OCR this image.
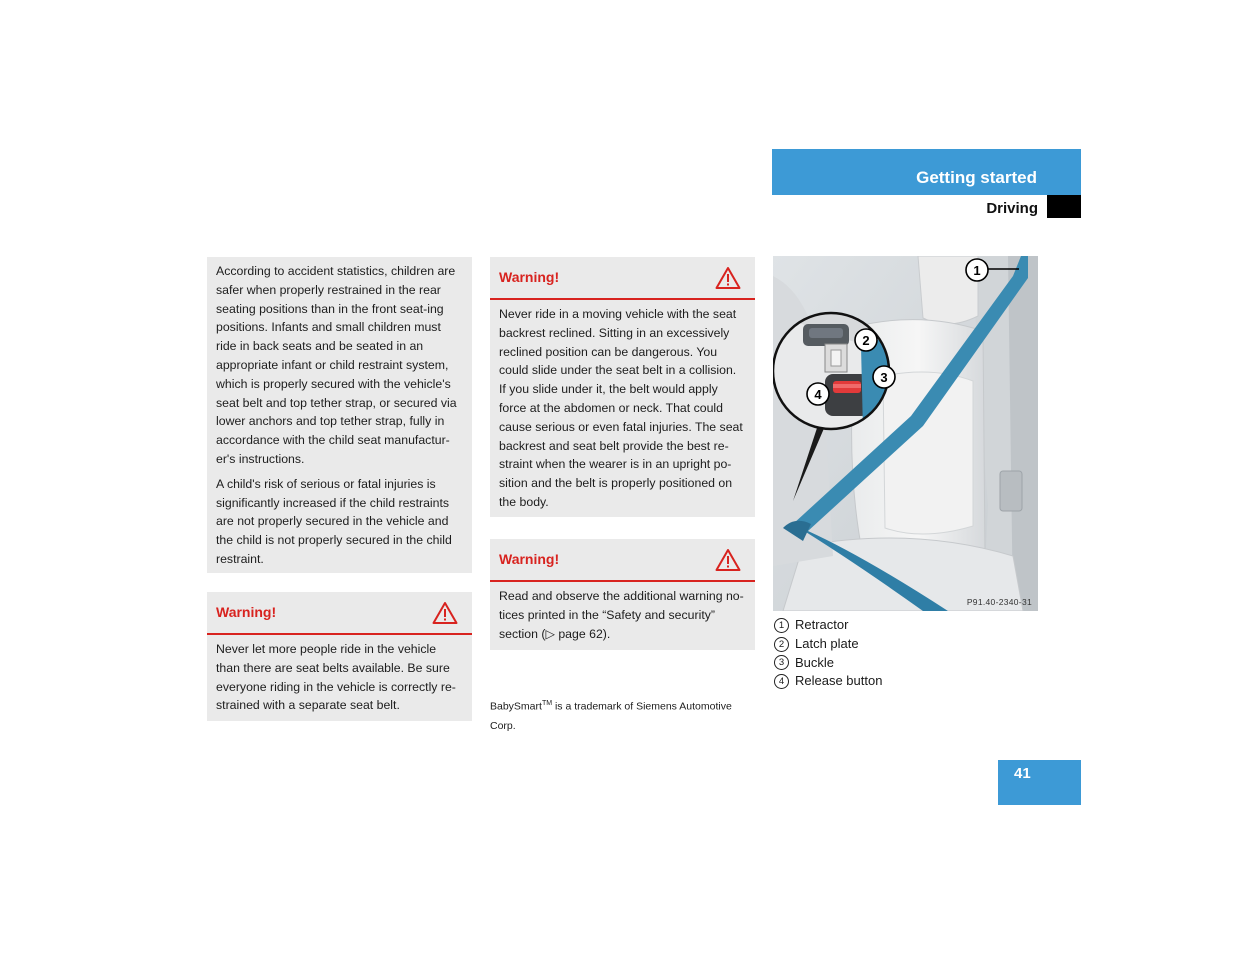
Getting started
Driving

According to accident statistics, children are safer when properly restrained in the rear seating positions than in the front seat-ing positions. Infants and small children must ride in back seats and be seated in an appropriate infant or child restraint system, which is properly secured with the vehicle's seat belt and top tether strap, or secured via lower anchors and top tether strap, fully in accordance with the child seat manufactur-er's instructions.

A child's risk of serious or fatal injuries is significantly increased if the child restraints are not properly secured in the vehicle and the child is not properly secured in the child restraint.

Warning!
Never let more people ride in the vehicle than there are seat belts available. Be sure everyone riding in the vehicle is correctly re-strained with a separate seat belt.
Warning!
Never ride in a moving vehicle with the seat backrest reclined. Sitting in an excessively reclined position can be dangerous. You could slide under the seat belt in a collision. If you slide under it, the belt would apply force at the abdomen or neck. That could cause serious or even fatal injuries. The seat backrest and seat belt provide the best re-straint when the wearer is in an upright po-sition and the belt is properly positioned on the body.
Warning!
Read and observe the additional warning no-tices printed in the “Safety and security” section (▷ page 62).
BabySmart™ is a trademark of Siemens Automotive Corp.
1
2
3
4
P91.40-2340-31
1 Retractor
2 Latch plate
3 Buckle
4 Release button
41
